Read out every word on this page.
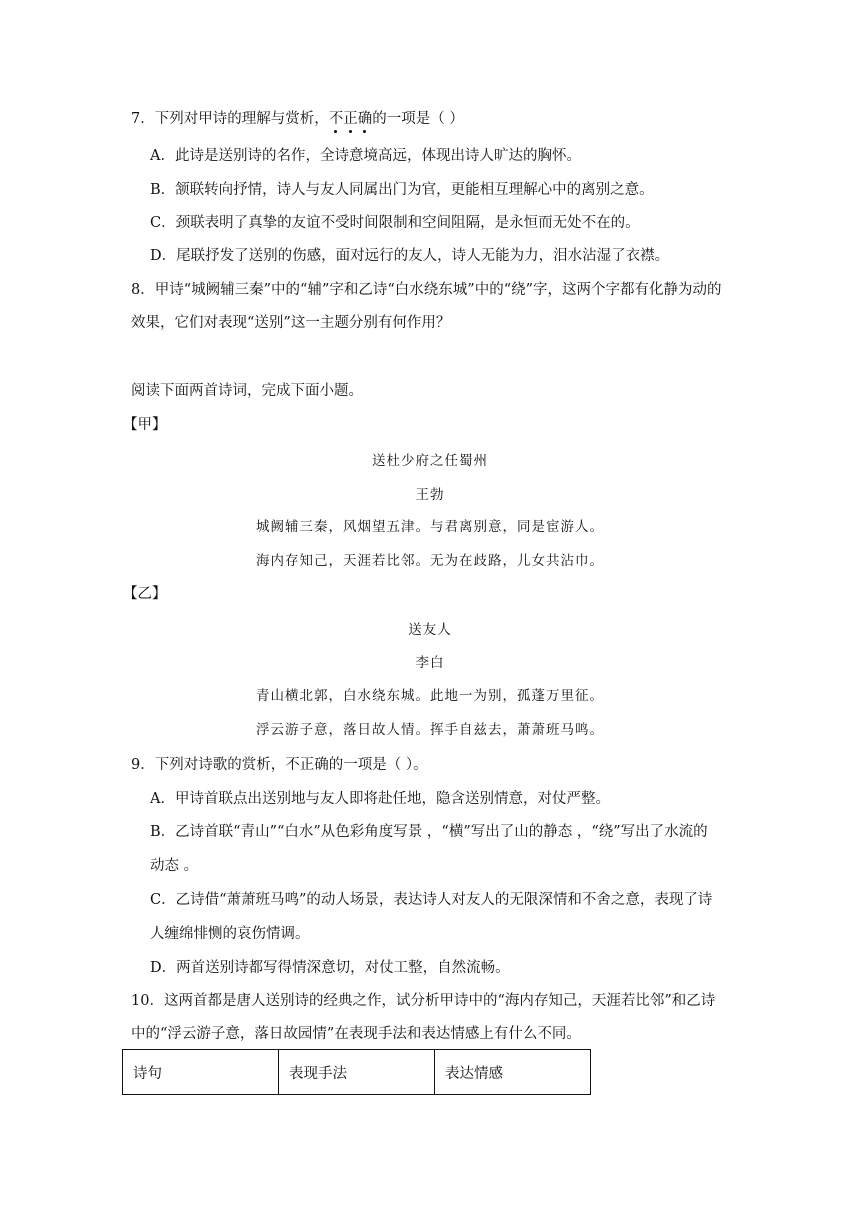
7．下列对甲诗的理解与赏析，不正确的一项是（ ）
A．此诗是送别诗的名作，全诗意境高远，体现出诗人旷达的胸怀。
B．颔联转向抒情，诗人与友人同属出门为官，更能相互理解心中的离别之意。
C．颈联表明了真挚的友谊不受时间限制和空间阻隔，是永恒而无处不在的。
D．尾联抒发了送别的伤感，面对远行的友人，诗人无能为力，泪水沾湿了衣襟。
8．甲诗“城阙辅三秦”中的“辅”字和乙诗“白水绕东城”中的“绕”字，这两个字都有化静为动的
效果，它们对表现“送别”这一主题分别有何作用？
阅读下面两首诗词，完成下面小题。
【甲】
送杜少府之任蜀州
王勃
城阙辅三秦，风烟望五津。与君离别意，同是宦游人。
海内存知己，天涯若比邻。无为在歧路，儿女共沾巾。
【乙】
送友人
李白
青山横北郭，白水绕东城。此地一为别，孤蓬万里征。
浮云游子意，落日故人情。挥手自兹去，萧萧班马鸣。
9．下列对诗歌的赏析，不正确的一项是（ ）。
A．甲诗首联点出送别地与友人即将赴任地，隐含送别情意，对仗严整。
B．乙诗首联“青山”“白水”从色彩角度写景 ，“横”写出了山的静态 ，“绕”写出了水流的
动态 。
C．乙诗借“萧萧班马鸣”的动人场景，表达诗人对友人的无限深情和不舍之意，表现了诗
人缠绵悱恻的哀伤情调。
D．两首送别诗都写得情深意切，对仗工整，自然流畅。
10．这两首都是唐人送别诗的经典之作，试分析甲诗中的“海内存知己，天涯若比邻”和乙诗
中的“浮云游子意，落日故园情”在表现手法和表达情感上有什么不同。
诗句	表现手法	表达情感
